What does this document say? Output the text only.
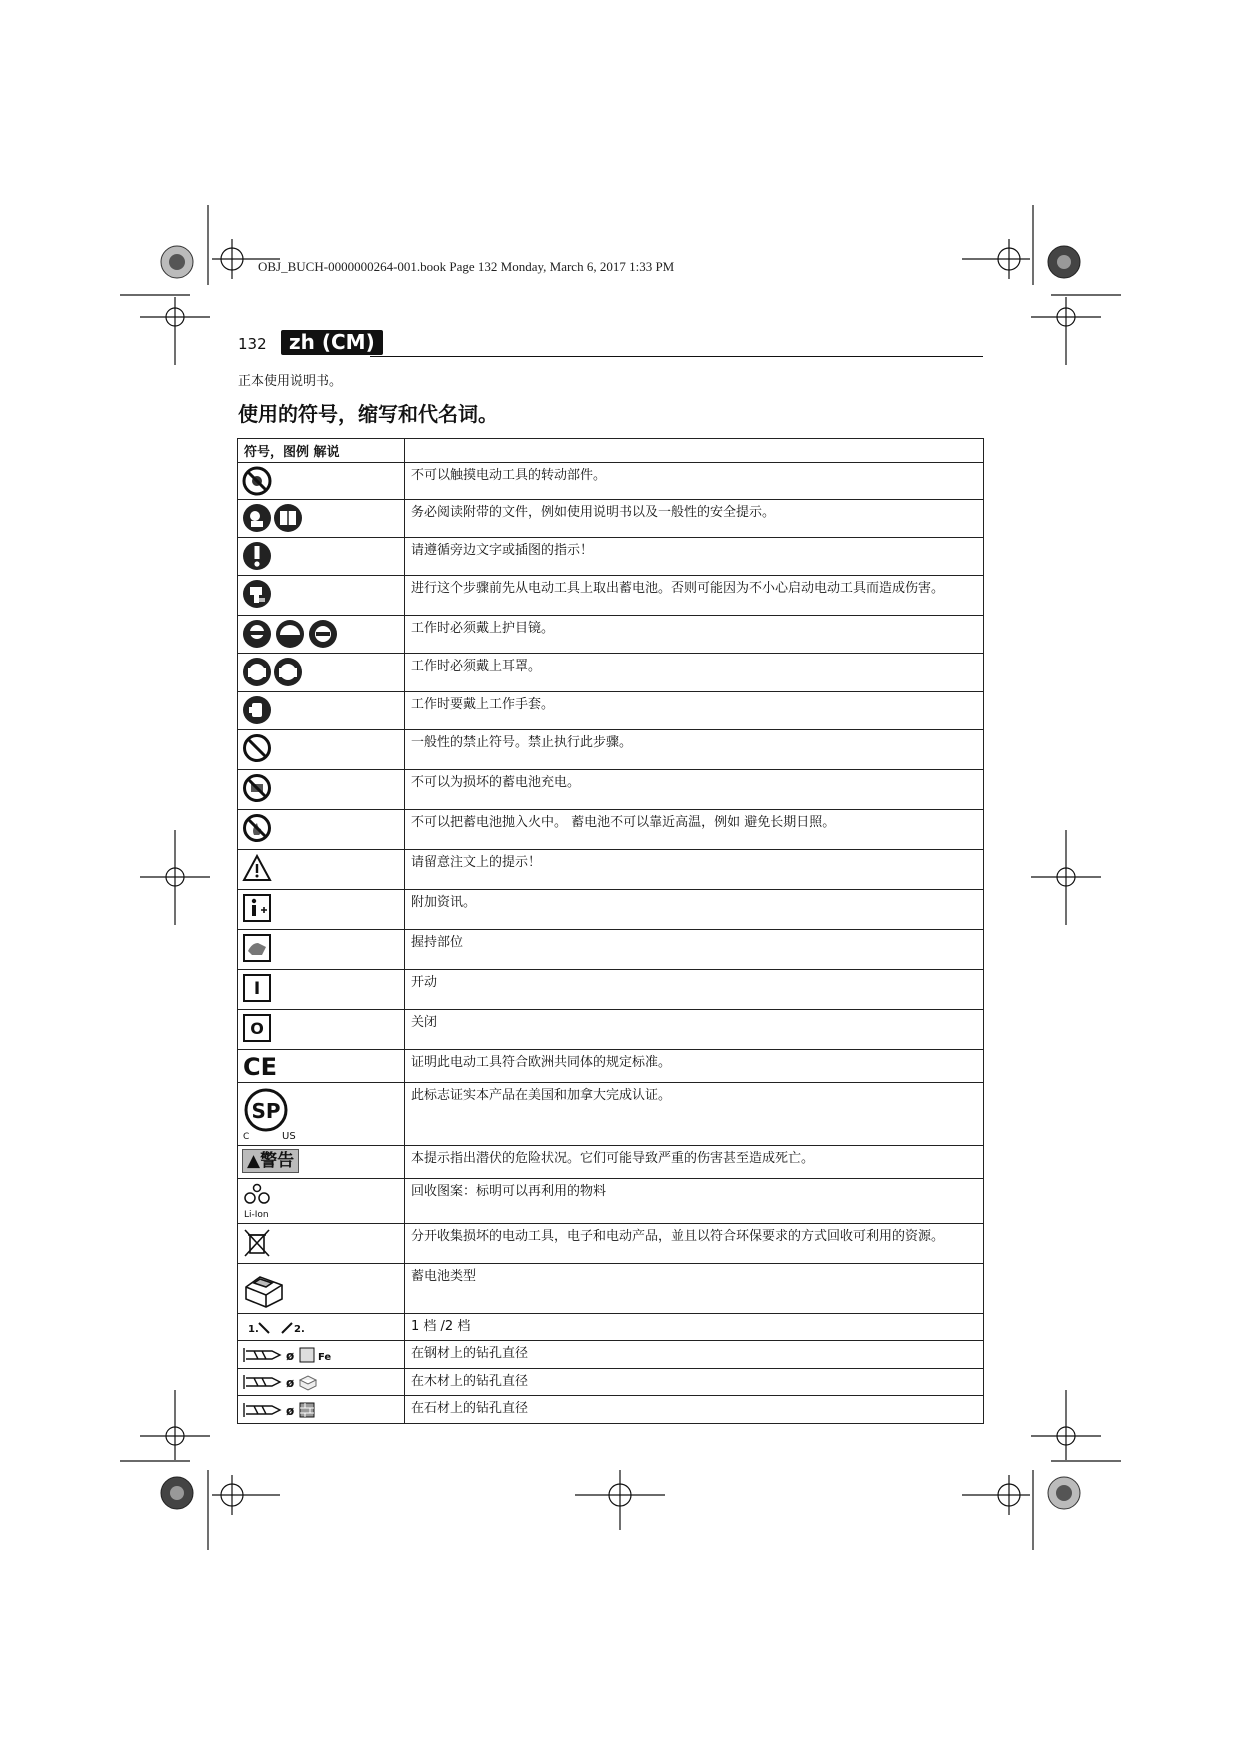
OBJ_BUCH-0000000264-001.book Page 132 Monday, March 6, 2017 1:33 PM
132	zh (CM)
正本使用说明书。
使用的符号，缩写和代名词。
符号，图例 解说	
	不可以触摸电动工具的转动部件。
	务必阅读附带的文件，例如使用说明书以及一般性的安全提示。
	请遵循旁边文字或插图的指示！
	进行这个步骤前先从电动工具上取出蓄电池。否则可能因为不小心启动电动工具而造成伤害。
	工作时必须戴上护目镜。
	工作时必须戴上耳罩。
	工作时要戴上工作手套。
	一般性的禁止符号。禁止执行此步骤。
	不可以为损坏的蓄电池充电。
	不可以把蓄电池抛入火中。 蓄电池不可以靠近高温，例如 避免长期日照。
	请留意注文上的提示！
	附加资讯。
	握持部位

I	开动

O	关闭

CE	证明此电动工具符合欧洲共同体的规定标准。

SP
C US	此标志证实本产品在美国和加拿大完成认证。
▲警告	本提示指出潜伏的危险状况。它们可能导致严重的伤害甚至造成死亡。

Li-Ion	回收图案：标明可以再利用的物料
	分开收集损坏的电动工具，电子和电动产品，並且以符合环保要求的方式回收可利用的资源。
	蓄电池类型

1. 2.	1 档 /2 档

ø Fe	在钢材上的钻孔直径

ø	在木材上的钻孔直径

ø	在石材上的钻孔直径
